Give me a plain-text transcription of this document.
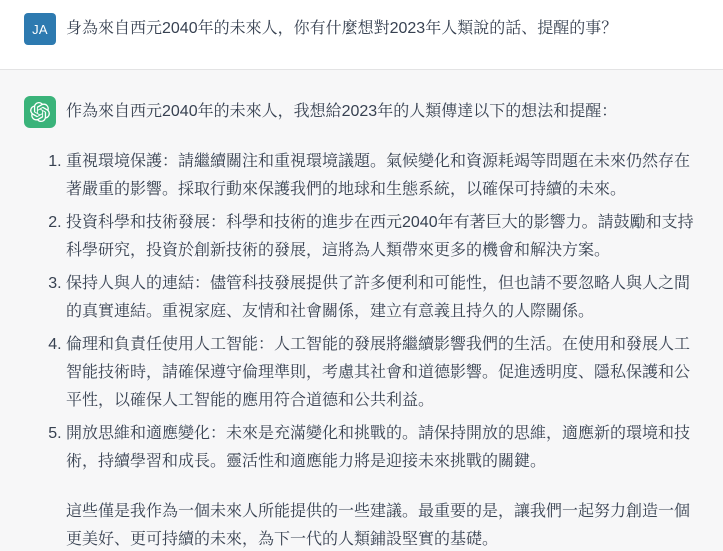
JA	身為來自西元2040年的未來人，你有什麼想對2023年人類說的話、提醒的事？

作為來自西元2040年的未來人，我想給2023年的人類傳達以下的想法和提醒：

1. 重視環境保護：請繼續關注和重視環境議題。氣候變化和資源耗竭等問題在未來仍然存在著嚴重的影響。採取行動來保護我們的地球和生態系統，以確保可持續的未來。
2. 投資科學和技術發展：科學和技術的進步在西元2040年有著巨大的影響力。請鼓勵和支持科學研究，投資於創新技術的發展，這將為人類帶來更多的機會和解決方案。
3. 保持人與人的連結：儘管科技發展提供了許多便利和可能性，但也請不要忽略人與人之間的真實連結。重視家庭、友情和社會關係，建立有意義且持久的人際關係。
4. 倫理和負責任使用人工智能：人工智能的發展將繼續影響我們的生活。在使用和發展人工智能技術時，請確保遵守倫理準則，考慮其社會和道德影響。促進透明度、隱私保護和公平性，以確保人工智能的應用符合道德和公共利益。
5. 開放思維和適應變化：未來是充滿變化和挑戰的。請保持開放的思維，適應新的環境和技術，持續學習和成長。靈活性和適應能力將是迎接未來挑戰的關鍵。

這些僅是我作為一個未來人所能提供的一些建議。最重要的是，讓我們一起努力創造一個更美好、更可持續的未來，為下一代的人類鋪設堅實的基礎。
